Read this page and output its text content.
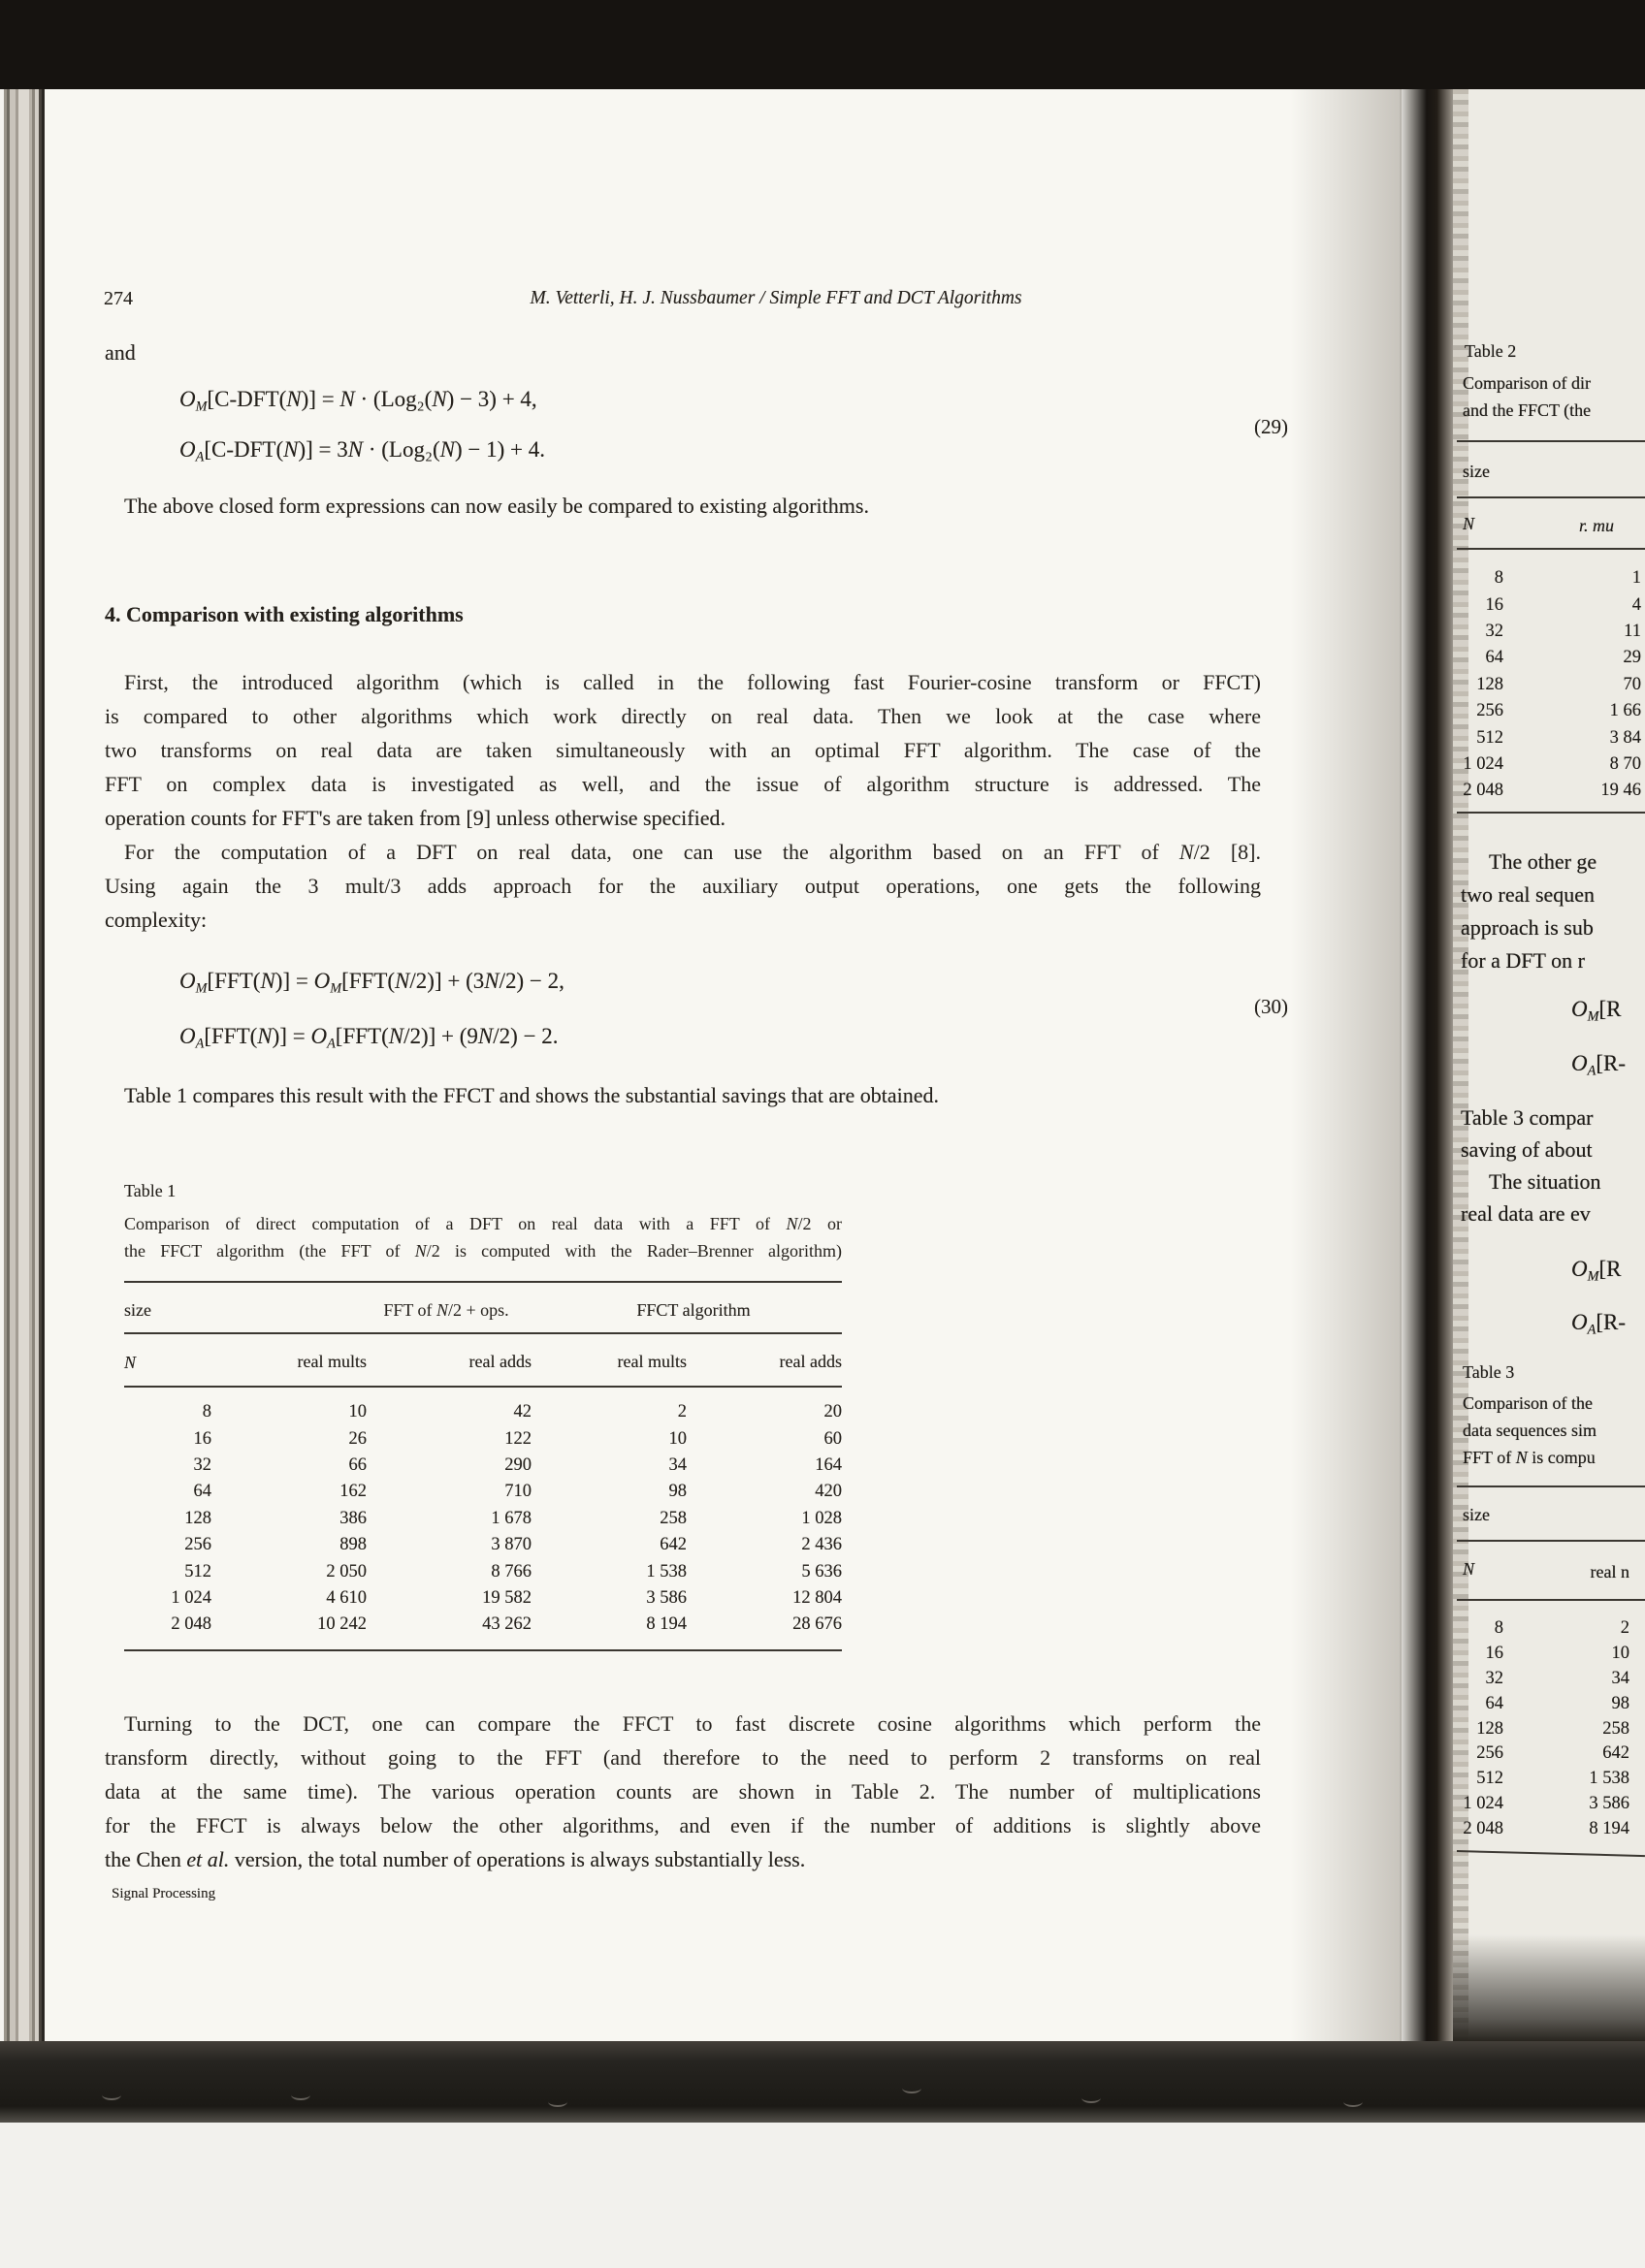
274	M. Vetterli, H. J. Nussbaumer / Simple FFT and DCT Algorithms
and
OM[C-DFT(N)] = N · (Log₂(N) − 3) + 4,
OA[C-DFT(N)] = 3N · (Log₂(N) − 1) + 4.
(29)
The above closed form expressions can now easily be compared to existing algorithms.
4. Comparison with existing algorithms
First, the introduced algorithm (which is called in the following fast Fourier-cosine transform or FFCT)
is compared to other algorithms which work directly on real data. Then we look at the case where
two transforms on real data are taken simultaneously with an optimal FFT algorithm. The case of the
FFT on complex data is investigated as well, and the issue of algorithm structure is addressed. The
operation counts for FFT's are taken from [9] unless otherwise specified.
For the computation of a DFT on real data, one can use the algorithm based on an FFT of N/2 [8].
Using again the 3 mult/3 adds approach for the auxiliary output operations, one gets the following
complexity:
OM[FFT(N)] = OM[FFT(N/2)] + (3N/2) − 2,
OA[FFT(N)] = OA[FFT(N/2)] + (9N/2) − 2.
(30)
Table 1 compares this result with the FFCT and shows the substantial savings that are obtained.
Table 1
Comparison of direct computation of a DFT on real data with a FFT of N/2 or
the FFCT algorithm (the FFT of N/2 is computed with the Rader–Brenner algorithm)
size	FFT of N/2 + ops.	FFCT algorithm
N	real mults	real adds	real mults	real adds
8	10	42	2	20
16	26	122	10	60
32	66	290	34	164
64	162	710	98	420
128	386	1 678	258	1 028
256	898	3 870	642	2 436
512	2 050	8 766	1 538	5 636
1 024	4 610	19 582	3 586	12 804
2 048	10 242	43 262	8 194	28 676
Turning to the DCT, one can compare the FFCT to fast discrete cosine algorithms which perform the
transform directly, without going to the FFT (and therefore to the need to perform 2 transforms on real
data at the same time). The various operation counts are shown in Table 2. The number of multiplications
for the FFCT is always below the other algorithms, and even if the number of additions is slightly above
the Chen et al. version, the total number of operations is always substantially less.
Signal Processing
Table 2
Comparison of dir
and the FFCT (the
size
N	r. mu
8	1
16	4
32	11
64	29
128	70
256	1 66
512	3 84
1 024	8 70
2 048	19 46
The other ge
two real sequen
approach is sub
for a DFT on r
OM[R
OA[R-
Table 3 compar
saving of about
The situation
real data are ev
OM[R
OA[R-
Table 3
Comparison of the
data sequences sim
FFT of N is compu
size
N	real n
8	2
16	10
32	34
64	98
128	258
256	642
512	1 538
1 024	3 586
2 048	8 194
